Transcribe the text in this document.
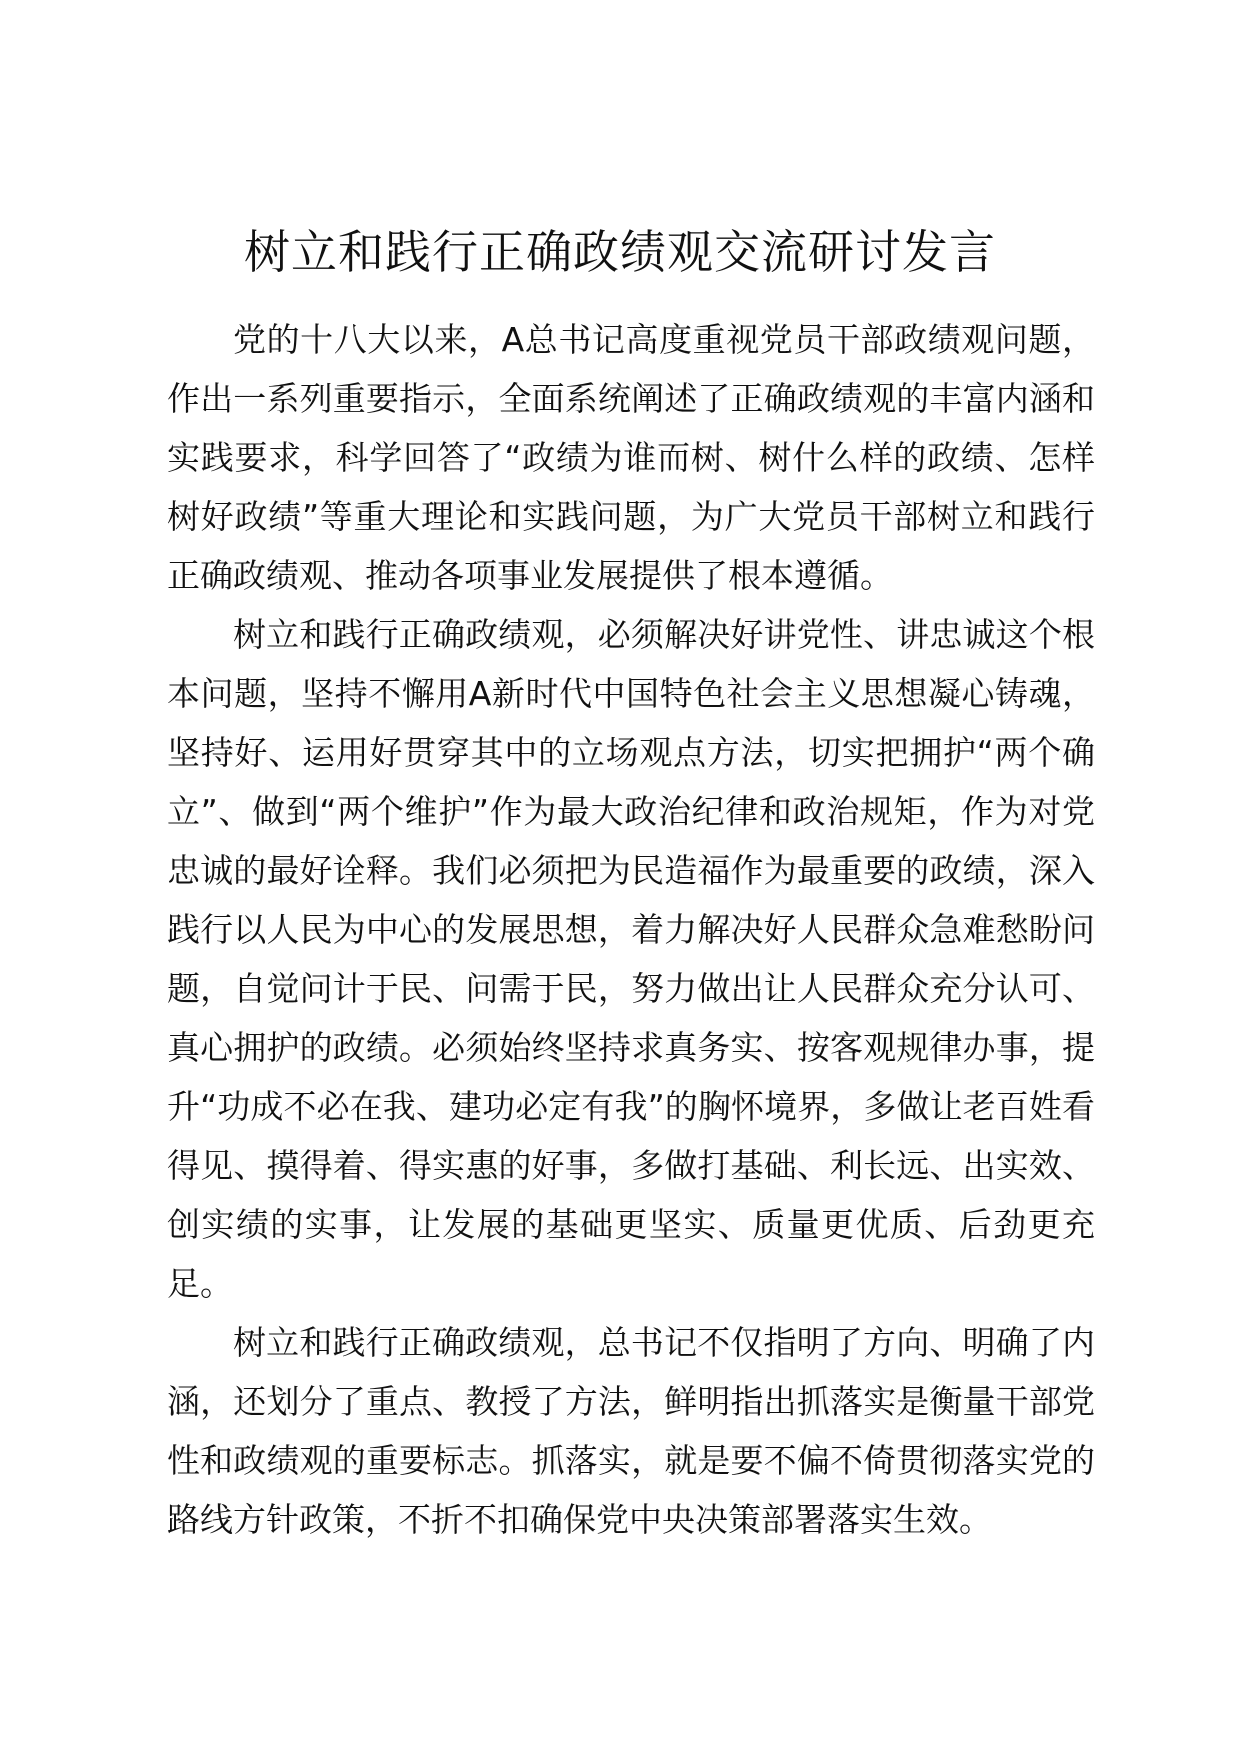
树立和践行正确政绩观交流研讨发言

党的十八大以来，A总书记高度重视党员干部政绩观问题，作出一系列重要指示，全面系统阐述了正确政绩观的丰富内涵和实践要求，科学回答了“政绩为谁而树、树什么样的政绩、怎样树好政绩”等重大理论和实践问题，为广大党员干部树立和践行正确政绩观、推动各项事业发展提供了根本遵循。

树立和践行正确政绩观，必须解决好讲党性、讲忠诚这个根本问题，坚持不懈用A新时代中国特色社会主义思想凝心铸魂，坚持好、运用好贯穿其中的立场观点方法，切实把拥护“两个确立”、做到“两个维护”作为最大政治纪律和政治规矩，作为对党忠诚的最好诠释。我们必须把为民造福作为最重要的政绩，深入践行以人民为中心的发展思想，着力解决好人民群众急难愁盼问题，自觉问计于民、问需于民，努力做出让人民群众充分认可、真心拥护的政绩。必须始终坚持求真务实、按客观规律办事，提升“功成不必在我、建功必定有我”的胸怀境界，多做让老百姓看得见、摸得着、得实惠的好事，多做打基础、利长远、出实效、创实绩的实事，让发展的基础更坚实、质量更优质、后劲更充足。

树立和践行正确政绩观，总书记不仅指明了方向、明确了内涵，还划分了重点、教授了方法，鲜明指出抓落实是衡量干部党性和政绩观的重要标志。抓落实，就是要不偏不倚贯彻落实党的路线方针政策，不折不扣确保党中央决策部署落实生效。
